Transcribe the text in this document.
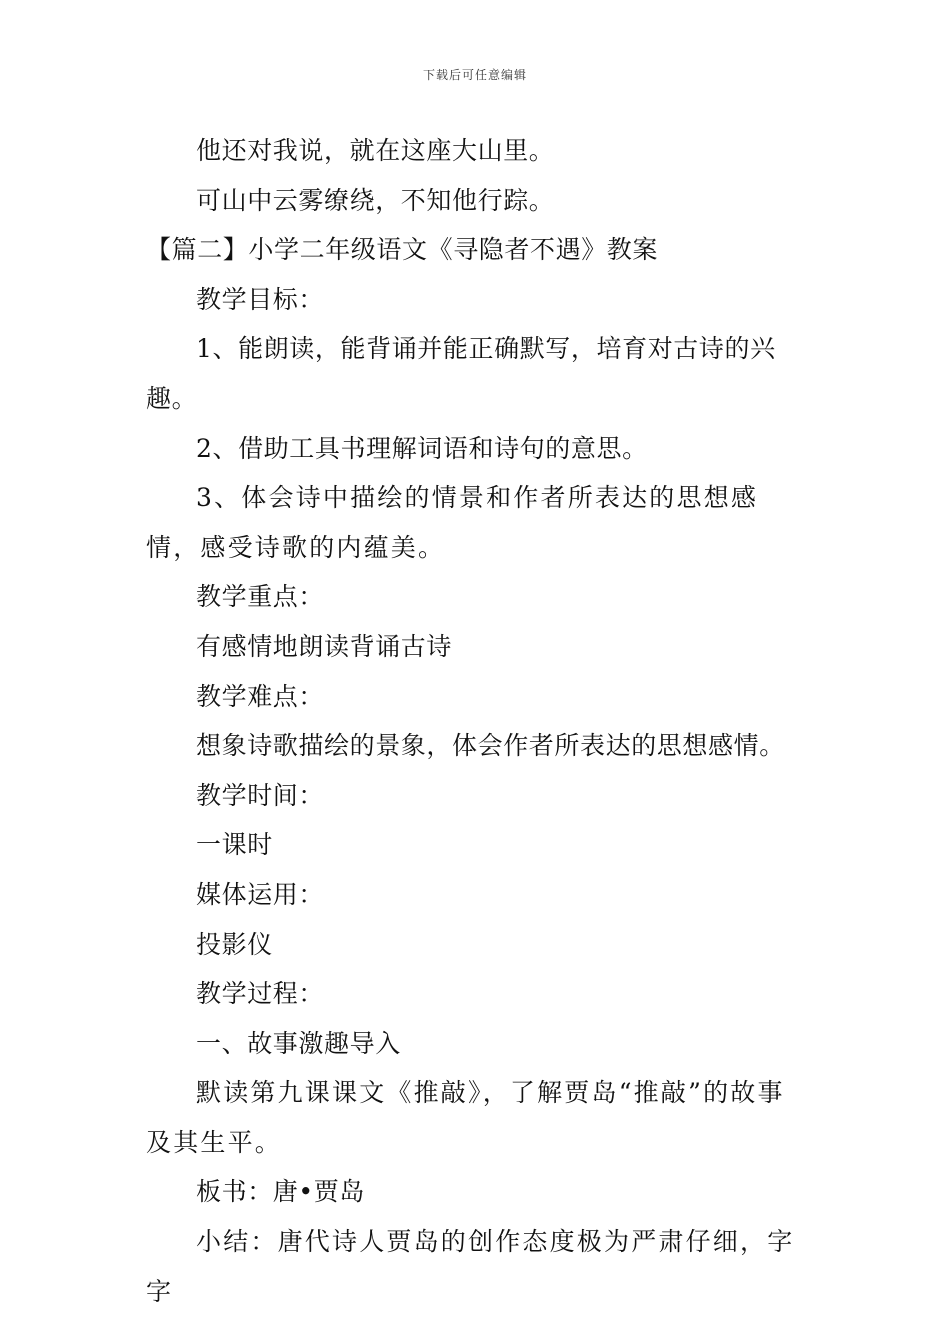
下载后可任意编辑

他还对我说，就在这座大山里。

可山中云雾缭绕，不知他行踪。

【篇二】小学二年级语文《寻隐者不遇》教案

教学目标：

1、能朗读，能背诵并能正确默写，培育对古诗的兴趣。

2、借助工具书理解词语和诗句的意思。

3、体会诗中描绘的情景和作者所表达的思想感情，感受诗歌的内蕴美。

教学重点：

有感情地朗读背诵古诗

教学难点：

想象诗歌描绘的景象，体会作者所表达的思想感情。

教学时间：

一课时

媒体运用：

投影仪

教学过程：

一、故事激趣导入

默读第九课课文《推敲》，了解贾岛“推敲”的故事及其生平。

板书：唐•贾岛

小结：唐代诗人贾岛的创作态度极为严肃仔细，字字
